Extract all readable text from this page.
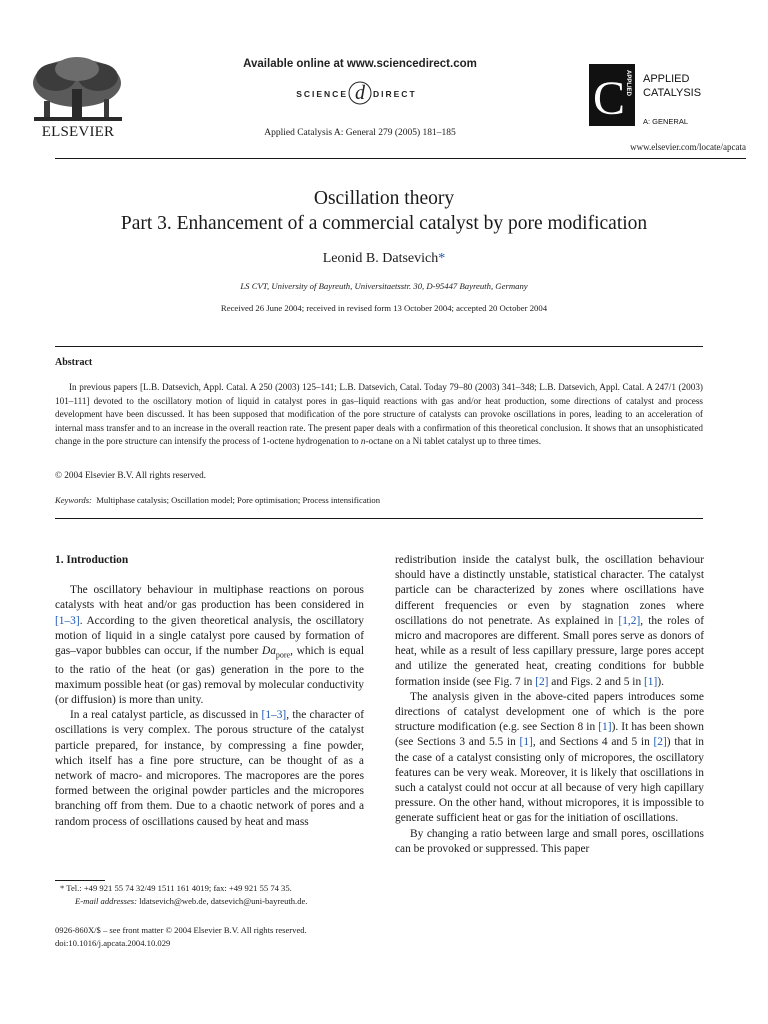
ELSEVIER
Available online at www.sciencedirect.com
SCIENCE d DIRECT
Applied Catalysis A: General 279 (2005) 181–185
C APPLIED APPLIED
CATALYSIS
A: GENERAL
www.elsevier.com/locate/apcata
Oscillation theory
Part 3. Enhancement of a commercial catalyst by pore modification
Leonid B. Datsevich*
LS CVT, University of Bayreuth, Universitaetsstr. 30, D-95447 Bayreuth, Germany
Received 26 June 2004; received in revised form 13 October 2004; accepted 20 October 2004
Abstract

In previous papers [L.B. Datsevich, Appl. Catal. A 250 (2003) 125–141; L.B. Datsevich, Catal. Today 79–80 (2003) 341–348; L.B. Datsevich, Appl. Catal. A 247/1 (2003) 101–111] devoted to the oscillatory motion of liquid in catalyst pores in gas–liquid reactions with gas and/or heat production, some directions of catalyst and process development have been discussed. It has been supposed that modification of the pore structure of catalysts can provoke oscillations in pores, leading to an acceleration of internal mass transfer and to an increase in the overall reaction rate. The present paper deals with a confirmation of this theoretical conclusion. It shows that an unsophisticated change in the pore structure can intensify the process of 1-octene hydrogenation to n-octane on a Ni tablet catalyst up to three times.

© 2004 Elsevier B.V. All rights reserved.
Keywords: Multiphase catalysis; Oscillation model; Pore optimisation; Process intensification
1. Introduction

The oscillatory behaviour in multiphase reactions on porous catalysts with heat and/or gas production has been considered in [1–3]. According to the given theoretical analysis, the oscillatory motion of liquid in a single catalyst pore caused by formation of gas–vapor bubbles can occur, if the number $Da_{pore}$, which is equal to the ratio of the heat (or gas) generation in the pore to the maximum possible heat (or gas) removal by molecular conductivity (or diffusion) is more than unity.

In a real catalyst particle, as discussed in [1–3], the character of oscillations is very complex. The porous structure of the catalyst particle prepared, for instance, by compressing a fine powder, which itself has a fine pore structure, can be thought of as a network of macro- and micropores. The macropores are the pores formed between the original powder particles and the micropores branching off from them. Due to a chaotic network of pores and a random process of oscillations caused by heat and mass

redistribution inside the catalyst bulk, the oscillation behaviour should have a distinctly unstable, statistical character. The catalyst particle can be characterized by zones where oscillations have different frequencies or even by stagnation zones where oscillations do not penetrate. As explained in [1,2], the roles of micro and macropores are different. Small pores serve as donors of heat, while as a result of less capillary pressure, large pores accept and utilize the generated heat, creating conditions for bubble formation inside (see Fig. 7 in [2] and Figs. 2 and 5 in [1]).

The analysis given in the above-cited papers introduces some directions of catalyst development one of which is the pore structure modification (e.g. see Section 8 in [1]). It has been shown (see Sections 3 and 5.5 in [1], and Sections 4 and 5 in [2]) that in the case of a catalyst consisting only of micropores, the oscillatory features can be very weak. Moreover, it is likely that oscillations in such a catalyst could not occur at all because of very high capillary pressure. On the other hand, without micropores, it is impossible to generate sufficient heat or gas for the initiation of oscillations.

By changing a ratio between large and small pores, oscillations can be provoked or suppressed. This paper

* Tel.: +49 921 55 74 32/49 1511 161 4019; fax: +49 921 55 74 35.
E-mail addresses: ldatsevich@web.de, datsevich@uni-bayreuth.de.
0926-860X/$ – see front matter © 2004 Elsevier B.V. All rights reserved.
doi:10.1016/j.apcata.2004.10.029
